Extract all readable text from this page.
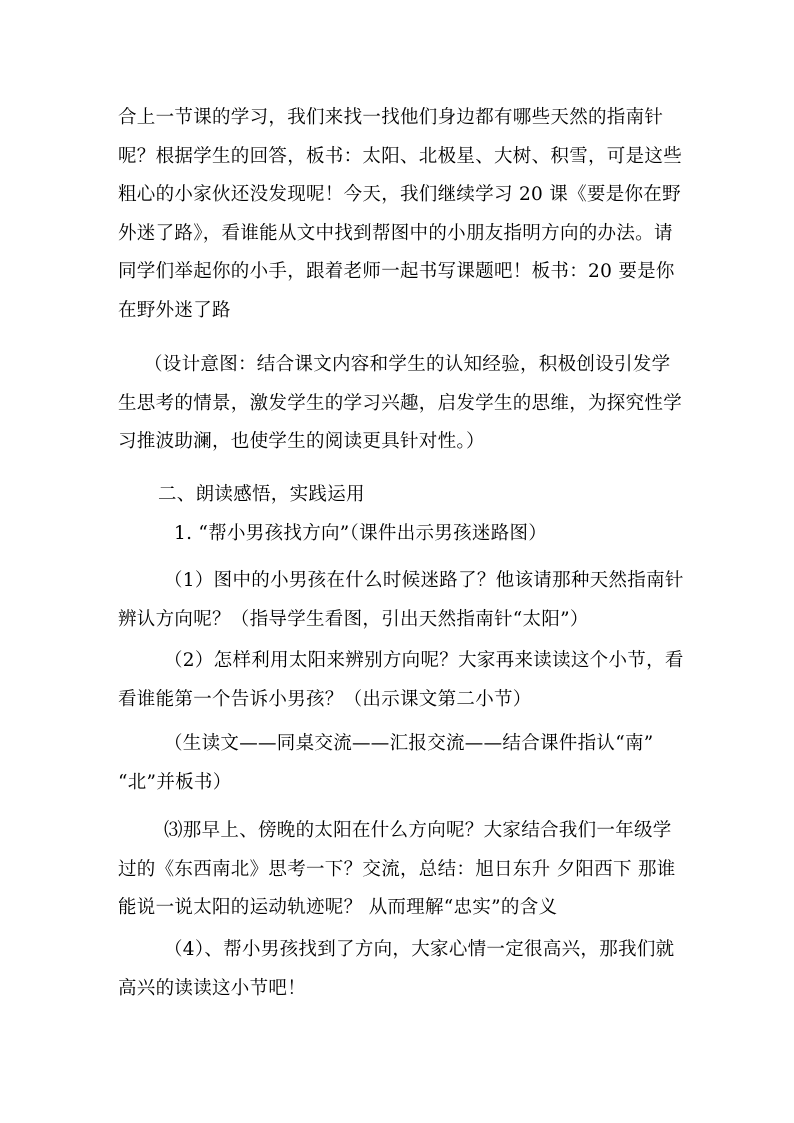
合上一节课的学习，我们来找一找他们身边都有哪些天然的指南针
呢？根据学生的回答，板书：太阳、北极星、大树、积雪，可是这些
粗心的小家伙还没发现呢！今天，我们继续学习 20 课《要是你在野
外迷了路》，看谁能从文中找到帮图中的小朋友指明方向的办法。请
同学们举起你的小手，跟着老师一起书写课题吧！板书：20 要是你
在野外迷了路
（设计意图：结合课文内容和学生的认知经验，积极创设引发学
生思考的情景，激发学生的学习兴趣，启发学生的思维，为探究性学
习推波助澜，也使学生的阅读更具针对性。）
二、朗读感悟，实践运用
1. “帮小男孩找方向”（课件出示男孩迷路图）
（1）图中的小男孩在什么时候迷路了？他该请那种天然指南针
辨认方向呢？（指导学生看图，引出天然指南针“太阳”）
（2）怎样利用太阳来辨别方向呢？大家再来读读这个小节，看
看谁能第一个告诉小男孩？（出示课文第二小节）
（生读文——同桌交流——汇报交流——结合课件指认“南”
“北”并板书）
⑶那早上、傍晚的太阳在什么方向呢？大家结合我们一年级学
过的《东西南北》思考一下？交流，总结：旭日东升 夕阳西下 那谁
能说一说太阳的运动轨迹呢？ 从而理解“忠实”的含义
（4）、帮小男孩找到了方向，大家心情一定很高兴，那我们就
高兴的读读这小节吧！
